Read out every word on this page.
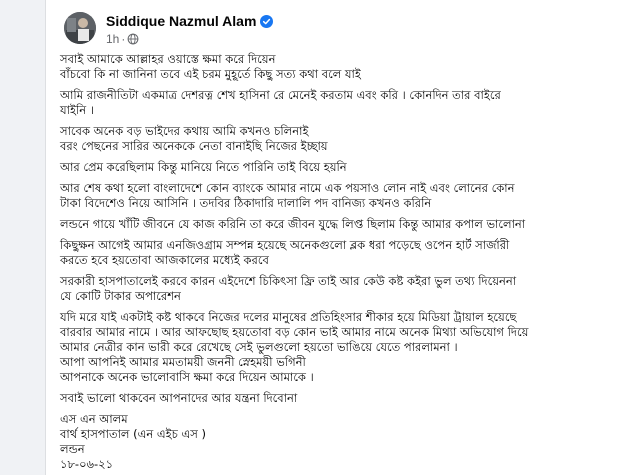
Siddique Nazmul Alam
1h ·
সবাই আমাকে আল্লাহর ওয়াস্তে ক্ষমা করে দিয়েন
বাঁচবো কি না জানিনা তবে এই চরম মুহূর্তে কিছু সত্য কথা বলে যাই
আমি রাজনীতিটা একমাত্র দেশরত্ন শেখ হাসিনা রে মেনেই করতাম এবং করি । কোনদিন তার বাইরে
যাইনি ।
সাবেক অনেক বড় ভাইদের কথায় আমি কখনও চলিনাই
বরং পেছনের সারির অনেককে নেতা বানাইছি নিজের ইচ্ছায়
আর প্রেম করেছিলাম কিন্তু মানিয়ে নিতে পারিনি তাই বিয়ে হয়নি
আর শেষ কথা হলো বাংলাদেশে কোন ব্যাংকে আমার নামে এক পয়সাও লোন নাই এবং লোনের কোন
টাকা বিদেশেও নিয়ে আসিনি । তদবির ঠিকাদারি দালালি পদ বানিজ্য কখনও করিনি
লন্ডনে গায়ে খাঁটি জীবনে যে কাজ করিনি তা করে জীবন যুদ্ধে লিপ্ত ছিলাম কিন্তু আমার কপাল ভালোনা
কিছুক্ষন আগেই আমার এনজিওগ্রাম সম্পন্ন হয়েছে অনেকগুলো ব্লক ধরা পড়েছে ওপেন হার্ট সার্জারী
করতে হবে হয়তোবা আজকালের মধ্যেই করবে
সরকারী হাসপাতালেই করবে কারন এইদেশে চিকিৎসা ফ্রি তাই আর কেউ কষ্ট কইরা ভুল তথ্য দিয়েননা
যে কোটি টাকার অপারেশন
যদি মরে যাই একটাই কষ্ট থাকবে নিজের দলের মানুষের প্রতিহিংসার শীকার হয়ে মিডিয়া ট্রায়াল হয়েছে
বারবার আমার নামে । আর আফছোছ হয়তোবা বড় কোন ভাই আমার নামে অনেক মিথ্যা অভিযোগ দিয়ে
আমার নেত্রীর কান ভারী করে রেখেছে সেই ভুলগুলো হয়তো ভাঙিয়ে যেতে পারলামনা ।
আপা আপনিই আমার মমতাময়ী জননী স্নেহময়ী ভগিনী
আপনাকে অনেক ভালোবাসি ক্ষমা করে দিয়েন আমাকে ।
সবাই ভালো থাকবেন আপনাদের আর যন্ত্রনা দিবোনা
এস এন আলম
বার্থ হাসপাতাল (এন এইচ এস )
লন্ডন
১৮-০৬-২১
